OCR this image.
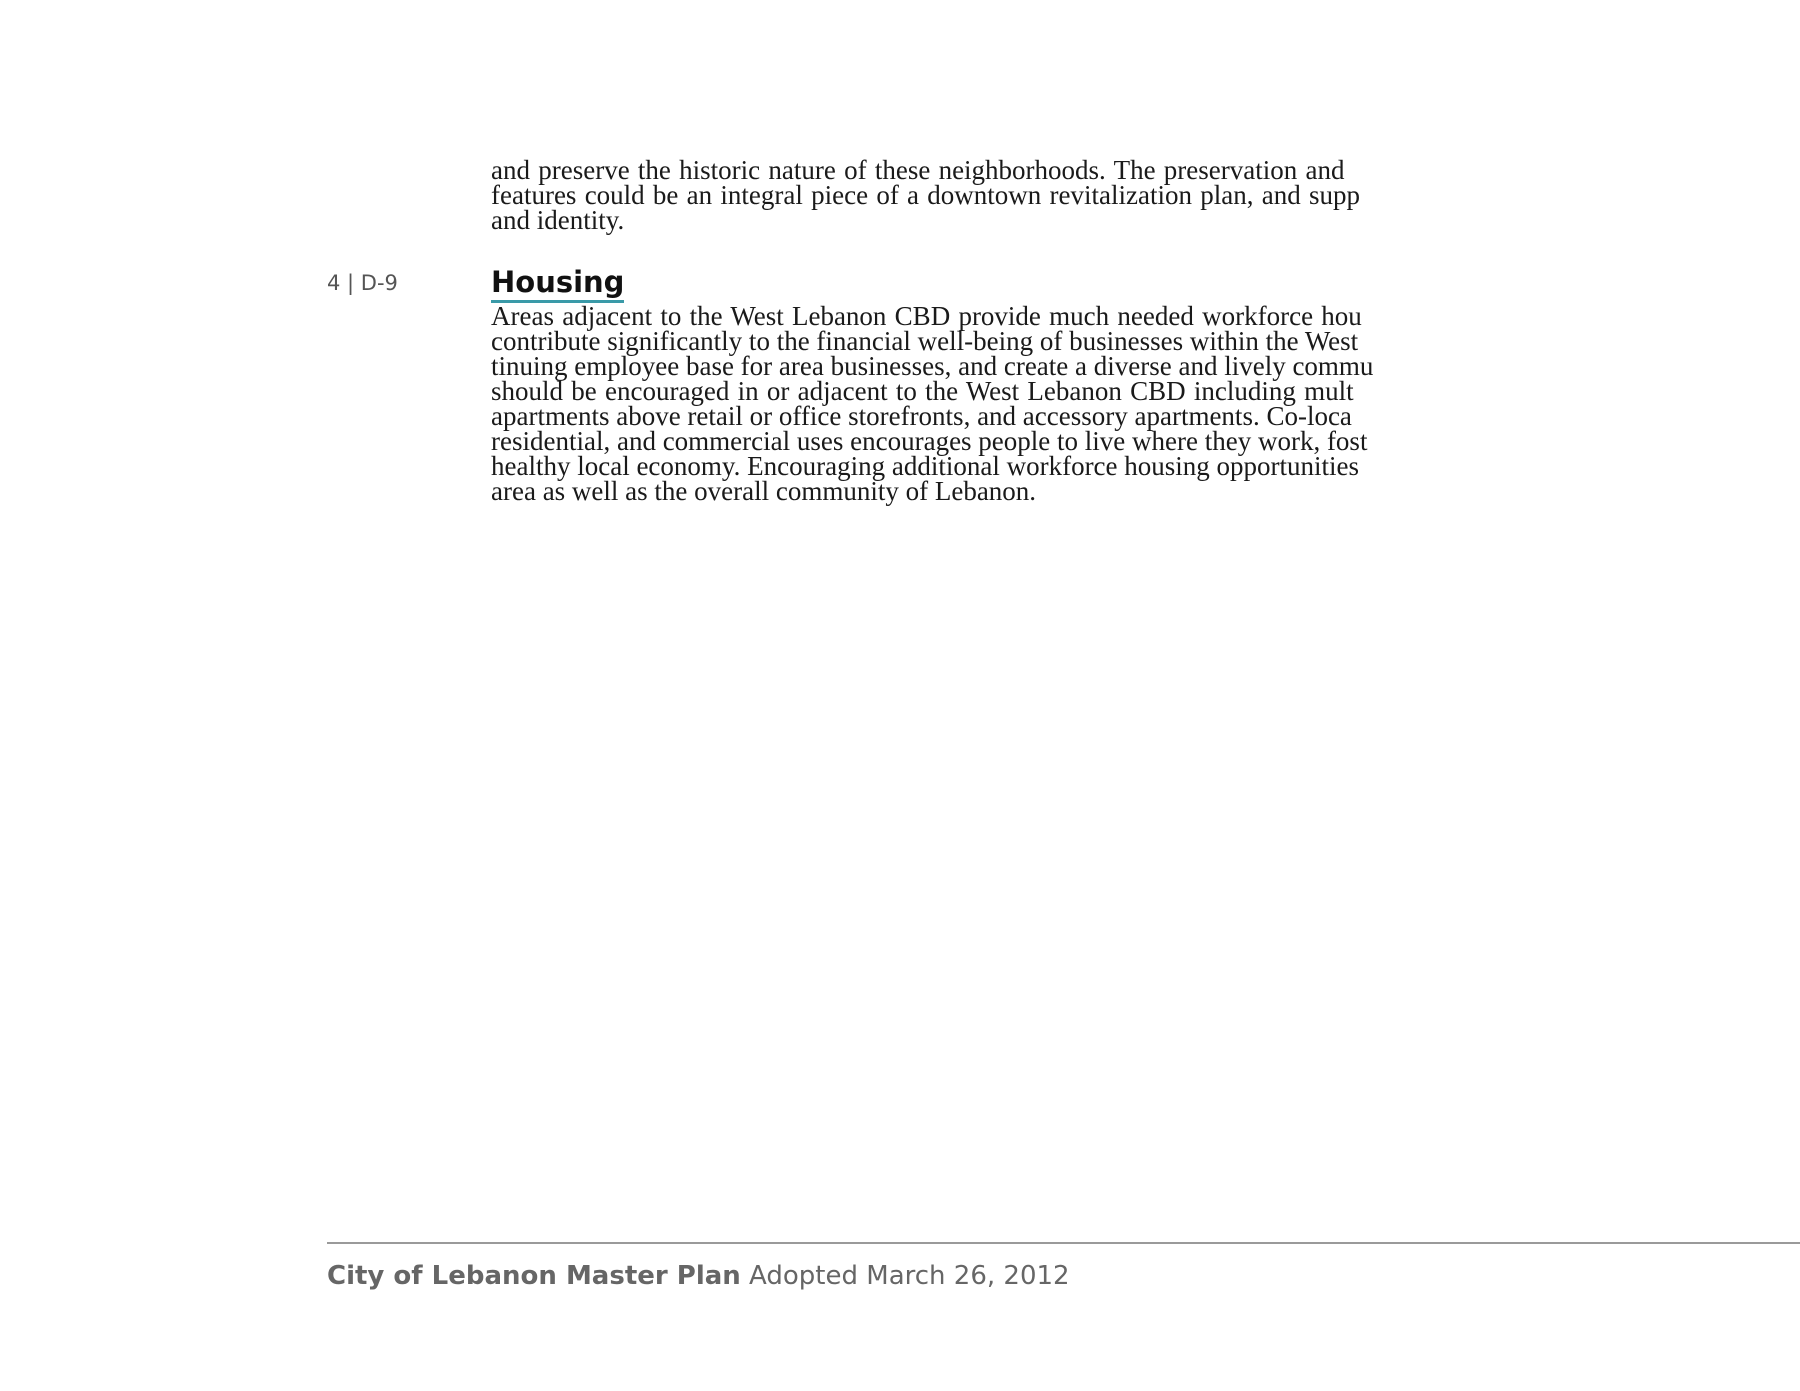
and preserve the historic nature of these neighborhoods. The preservation and

features could be an integral piece of a downtown revitalization plan, and supp

and identity.

4 | D-9	Housing

Areas adjacent to the West Lebanon CBD provide much needed workforce hou

contribute significantly to the financial well-being of businesses within the West

tinuing employee base for area businesses, and create a diverse and lively commu

should be encouraged in or adjacent to the West Lebanon CBD including mult

apartments above retail or office storefronts, and accessory apartments. Co-loca

residential, and commercial uses encourages people to live where they work, fost

healthy local economy. Encouraging additional workforce housing opportunities

area as well as the overall community of Lebanon.

City of Lebanon Master Plan Adopted March 26, 2012
